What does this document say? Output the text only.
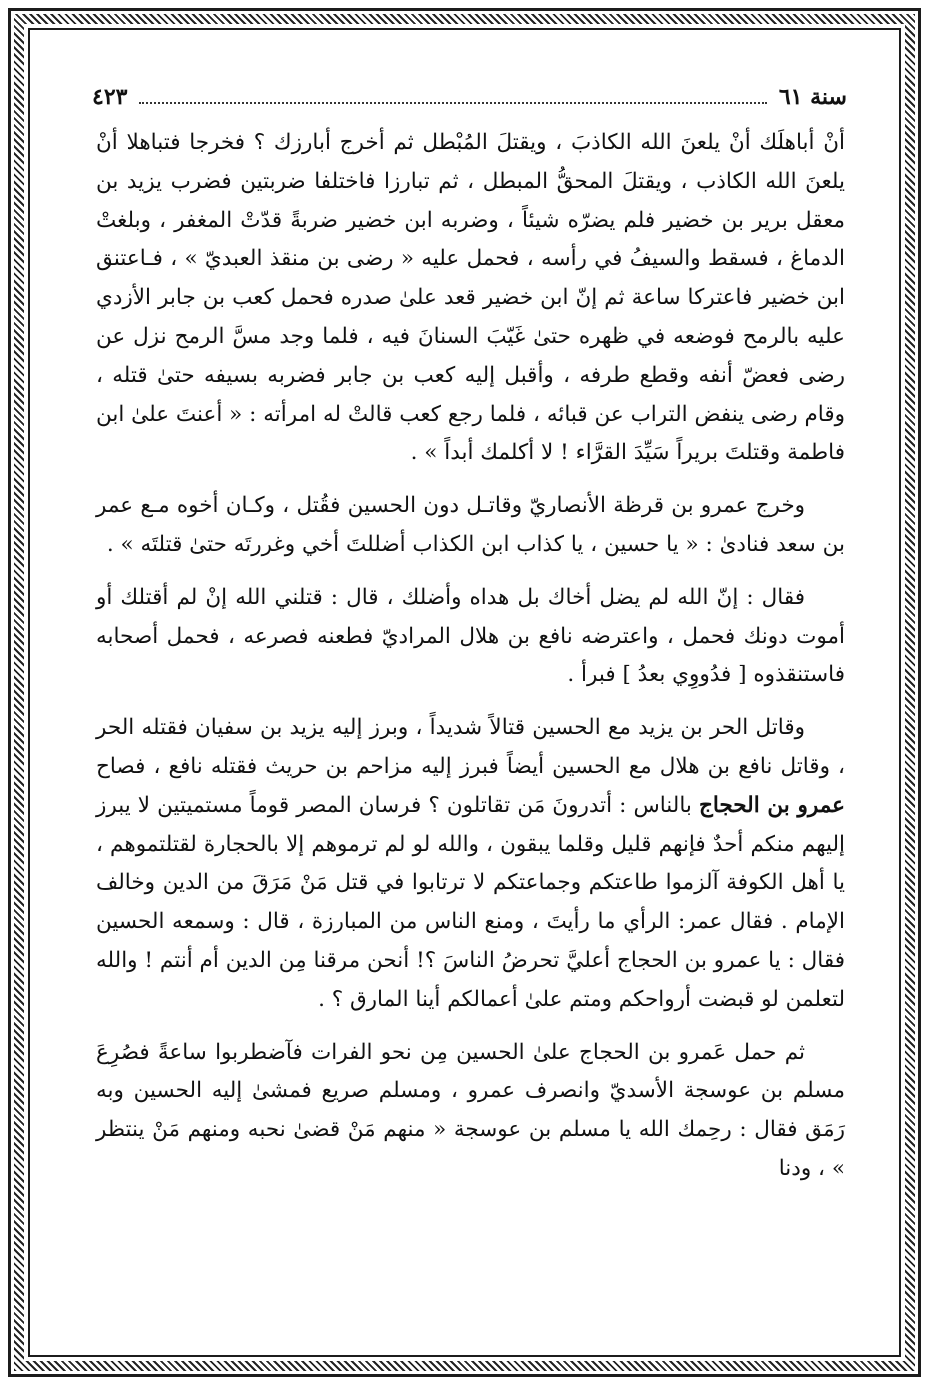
سنة ٦١
٤٢٣

أنْ أباهلَك أنْ يلعنَ الله الكاذبَ ، ويقتلَ المُبْطل ثم أخرج أبارزك ؟ فخرجا فتباهلا أنْ يلعنَ الله الكاذب ، ويقتلَ المحقُّ المبطل ، ثم تبارزا فاختلفا ضربتين فضرب يزيد بن معقل برير بن خضير فلم يضرّه شيئاً ، وضربه ابن خضير ضربةً قدّتْ المغفر ، وبلغتْ الدماغ ، فسقط والسيفُ في رأسه ، فحمل عليه « رضى بن منقذ العبديّ » ، فـاعتنق ابن خضير فاعتركا ساعة ثم إنّ ابن خضير قعد علىٰ صدره فحمل كعب بن جابر الأزدي عليه بالرمح فوضعه في ظهره حتىٰ غَيّبَ السنانَ فيه ، فلما وجد مسَّ الرمح نزل عن رضى فعضّ أنفه وقطع طرفه ، وأقبل إليه كعب بن جابر فضربه بسيفه حتىٰ قتله ، وقام رضى ينفض التراب عن قبائه ، فلما رجع كعب قالتْ له امرأته : « أعنتَ علىٰ ابن فاطمة وقتلتَ بريراً سَيِّدَ القرَّاء ! لا أكلمك أبداً » .

وخرج عمرو بن قرظة الأنصاريّ وقاتـل دون الحسين فقُتل ، وكـان أخوه مـع عمر بن سعد فنادىٰ : « يا حسين ، يا كذاب ابن الكذاب أضللتَ أخي وغررتَه حتىٰ قتلتَه » .

فقال : إنّ الله لم يضل أخاك بل هداه وأضلك ، قال : قتلني الله إنْ لم أقتلك أو أموت دونك فحمل ، واعترضه نافع بن هلال المراديّ فطعنه فصرعه ، فحمل أصحابه فاستنقذوه [ فدُووِي بعدُ ] فبرأ .

وقاتل الحر بن يزيد مع الحسين قتالاً شديداً ، وبرز إليه يزيد بن سفيان فقتله الحر ، وقاتل نافع بن هلال مع الحسين أيضاً فبرز إليه مزاحم بن حريث فقتله نافع ، فصاح عمرو بن الحجاج بالناس : أتدرونَ مَن تقاتلون ؟ فرسان المصر قوماً مستميتين لا يبرز إليهم منكم أحدٌ فإنهم قليل وقلما يبقون ، والله لو لم ترموهم إلا بالحجارة لقتلتموهم ، يا أهل الكوفة آلزموا طاعتكم وجماعتكم لا ترتابوا في قتل مَنْ مَرَقَ من الدين وخالف الإمام . فقال عمر: الرأي ما رأيتَ ، ومنع الناس من المبارزة ، قال : وسمعه الحسين فقال : يا عمرو بن الحجاج أعليَّ تحرضُ الناسَ ؟! أنحن مرقنا مِن الدين أم أنتم ! والله لتعلمن لو قبضت أرواحكم ومتم علىٰ أعمالكم أينا المارق ؟ .

ثم حمل عَمرو بن الحجاج علىٰ الحسين مِن نحو الفرات فآضطربوا ساعةً فصُرِعَ مسلم بن عوسجة الأسديّ وانصرف عمرو ، ومسلم صريع فمشىٰ إليه الحسين وبه رَمَق فقال : رحِمك الله يا مسلم بن عوسجة « منهم مَنْ قضىٰ نحبه ومنهم مَنْ ينتظر » ، ودنا
